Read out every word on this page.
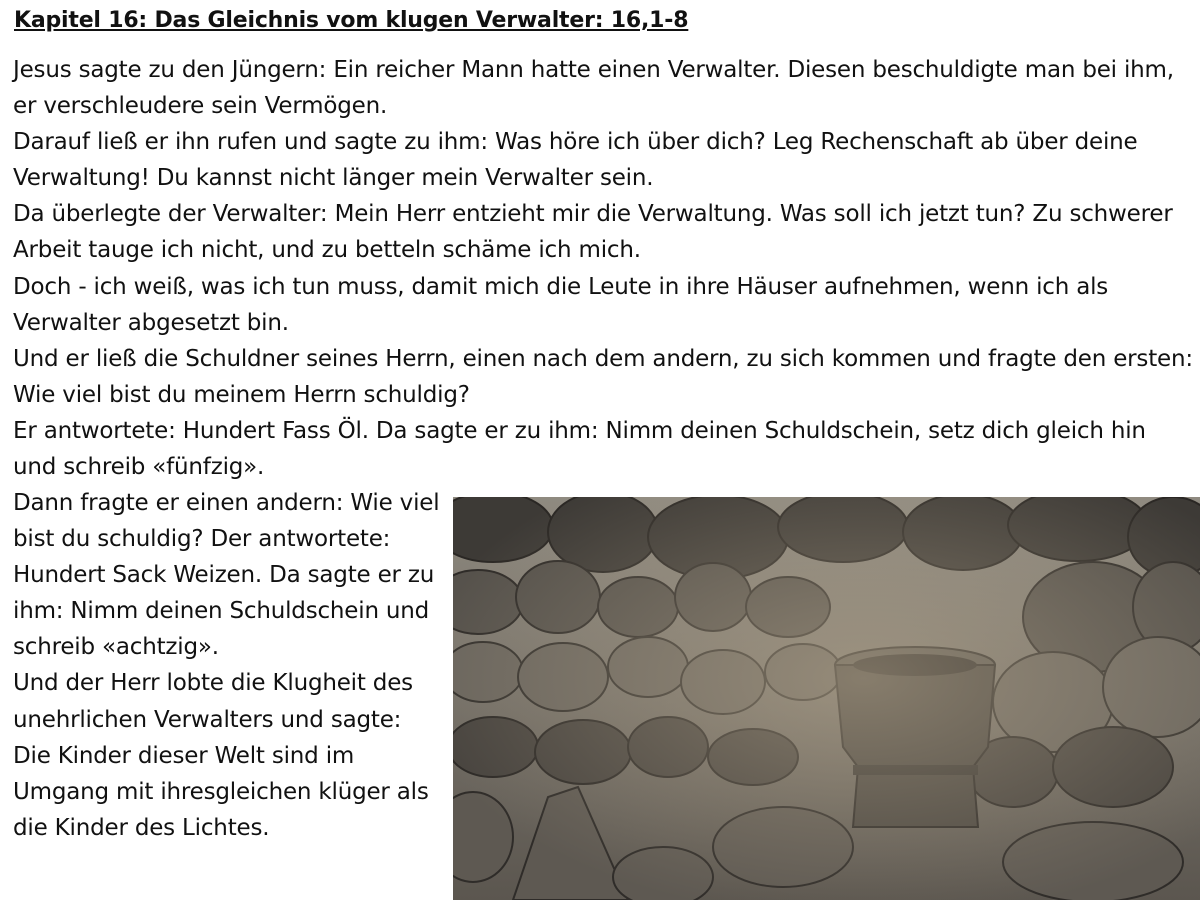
Kapitel 16: Das Gleichnis vom klugen Verwalter: 16,1-8

Jesus sagte zu den Jüngern: Ein reicher Mann hatte einen Verwalter. Diesen beschuldigte man bei ihm, er verschleudere sein Vermögen.

Darauf ließ er ihn rufen und sagte zu ihm: Was höre ich über dich? Leg Rechenschaft ab über deine Verwaltung! Du kannst nicht länger mein Verwalter sein.

Da überlegte der Verwalter: Mein Herr entzieht mir die Verwaltung. Was soll ich jetzt tun? Zu schwerer Arbeit tauge ich nicht, und zu betteln schäme ich mich.

Doch - ich weiß, was ich tun muss, damit mich die Leute in ihre Häuser aufnehmen, wenn ich als Verwalter abgesetzt bin.

Und er ließ die Schuldner seines Herrn, einen nach dem andern, zu sich kommen und fragte den ersten: Wie viel bist du meinem Herrn schuldig?

Er antwortete: Hundert Fass Öl. Da sagte er zu ihm: Nimm deinen Schuldschein, setz dich gleich hin und schreib «fünfzig».

Dann fragte er einen andern: Wie viel bist du schuldig? Der antwortete: Hundert Sack Weizen. Da sagte er zu ihm: Nimm deinen Schuldschein und schreib «achtzig».

Und der Herr lobte die Klugheit des unehrlichen Verwalters und sagte: Die Kinder dieser Welt sind im Umgang mit ihresgleichen klüger als die Kinder des Lichtes.
